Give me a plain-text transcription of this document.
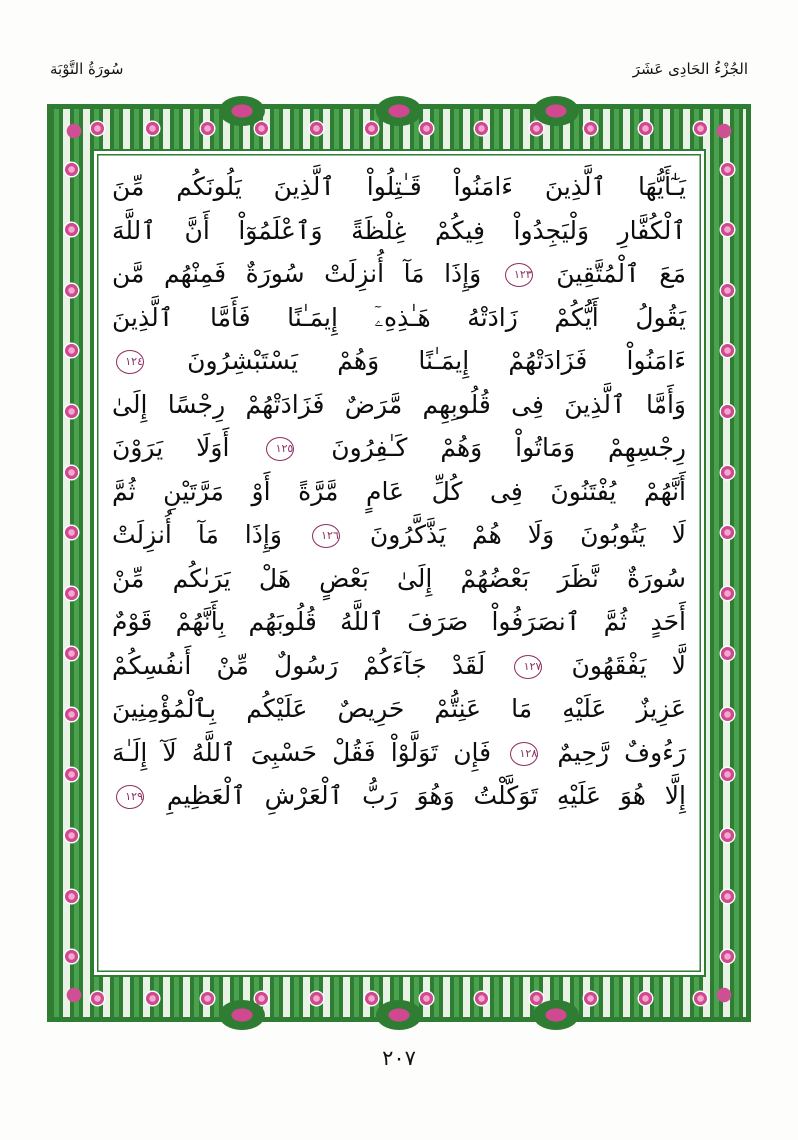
سُورَةُ التَّوْبَة	الجُزْءُ الحَادِى عَشَرَ
يَـٰٓأَيُّهَا ٱلَّذِينَ ءَامَنُواْ قَـٰتِلُواْ ٱلَّذِينَ يَلُونَكُم مِّنَ
ٱلْكُفَّارِ وَلْيَجِدُواْ فِيكُمْ غِلْظَةً وَٱعْلَمُوٓاْ أَنَّ ٱللَّهَ
مَعَ ٱلْمُتَّقِينَ ١٢٣ وَإِذَا مَآ أُنزِلَتْ سُورَةٌ فَمِنْهُم مَّن
يَقُولُ أَيُّكُمْ زَادَتْهُ هَـٰذِهِۦٓ إِيمَـٰنًا فَأَمَّا ٱلَّذِينَ
ءَامَنُواْ فَزَادَتْهُمْ إِيمَـٰنًا وَهُمْ يَسْتَبْشِرُونَ ١٢٤
وَأَمَّا ٱلَّذِينَ فِى قُلُوبِهِم مَّرَضٌ فَزَادَتْهُمْ رِجْسًا إِلَىٰ
رِجْسِهِمْ وَمَاتُواْ وَهُمْ كَـٰفِرُونَ ١٢٥ أَوَلَا يَرَوْنَ
أَنَّهُمْ يُفْتَنُونَ فِى كُلِّ عَامٍ مَّرَّةً أَوْ مَرَّتَيْنِ ثُمَّ
لَا يَتُوبُونَ وَلَا هُمْ يَذَّكَّرُونَ ١٢٦ وَإِذَا مَآ أُنزِلَتْ
سُورَةٌ نَّظَرَ بَعْضُهُمْ إِلَىٰ بَعْضٍ هَلْ يَرَىٰكُم مِّنْ
أَحَدٍ ثُمَّ ٱنصَرَفُواْ صَرَفَ ٱللَّهُ قُلُوبَهُم بِأَنَّهُمْ قَوْمٌ
لَّا يَفْقَهُونَ ١٢٧ لَقَدْ جَآءَكُمْ رَسُولٌ مِّنْ أَنفُسِكُمْ
عَزِيزٌ عَلَيْهِ مَا عَنِتُّمْ حَرِيصٌ عَلَيْكُم بِٱلْمُؤْمِنِينَ
رَءُوفٌ رَّحِيمٌ ١٢٨ فَإِن تَوَلَّوْاْ فَقُلْ حَسْبِىَ ٱللَّهُ لَآ إِلَـٰهَ
إِلَّا هُوَ عَلَيْهِ تَوَكَّلْتُ وَهُوَ رَبُّ ٱلْعَرْشِ ٱلْعَظِيمِ ١٢٩
٢٠٧
